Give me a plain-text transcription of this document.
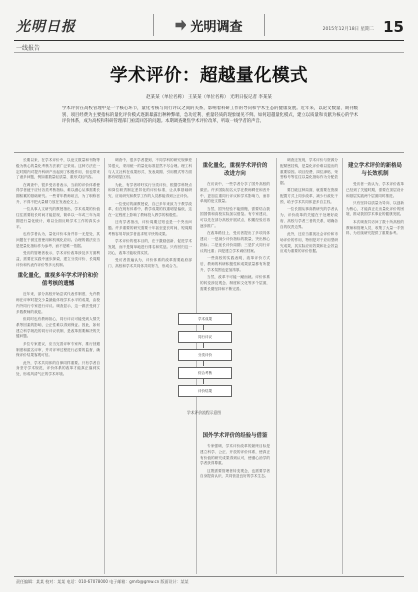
光明日报
一线报告
光明调查	2015年12月18日 星期二 15
学术评价：超越量化模式
赵某某（单位名称） 王某某（单位名称） 光明日报记者 李某某
学术评价在高校管理中是一个核心环节，量化考核与同行评议之间的关系，影响着科研工作的导向和学术生态的健康发展。近年来，以论文数量、期刊级别、项目经费为主要指标的量化评价模式逐渐暴露出种种弊端，急功近利、重量轻质的现象屡见不鲜。如何超越量化模式，建立以质量和贡献为核心的学术评价体系，成为高校和科研管理部门亟需回答的问题。本期调查聚焦学术评价改革，听取一线学者的声音。

长期以来，在学术评价中，以论文数量和刊物等级为核心的量化考核方法被广泛采用。这种方法在一定时期内对提升科研产出起到了积极作用，但也带来了诸多问题，例如重数量轻质量、重形式轻内容。

在调查中，很多受访者表示，当前的评价体系使得学者疲于应付各类考核指标，难以潜心从事需要长期积累的基础研究。一些青年教师坦言，为了职称晋升，不得不把大量精力放在发表论文上。

一位从事人文研究的教授指出，学术成果的价值往往需要较长时间才能显现，简单以一年或三年为周期进行量化统计，难以全面反映学术工作的真实水平。

也有学者认为，量化评价本身并非一无是处，其问题在于被过度使用和机械化应用。合理的做法应当是把量化指标作为参考，而不是唯一依据。

受访的管理者表示，学术评价改革涉及多方面利益，需要在实践中逐步探索，建立分类评价、长周期评价和代表作评价等多元机制。

重化量化，重视多年学术评价和价值考核的遗憾

近年来，部分高校开始尝试代表作制度，允许教师在评审时提交少量最能体现学术水平的成果，由校内外同行专家进行评议。调查显示，这一做法受到了多数教师的欢迎。

但同时也有教师担心，同行评议可能受到人情关系等因素的影响，公正性难以得到保证。因此，如何建立科学规范的同行评议机制，是改革需要解决的关键问题。

多位专家建议，应当完善评审专家库，推行回避制度和匿名评审，并对评审过程进行必要的监督，确保评价结果客观可信。

此外，学术共同体的自律同样重要。只有学者自身坚守学术规范，评价体系的改革才能真正落到实处，形成风清气正的学术环境。

调查中，很多学者提到，不同学科的研究规律差异很大，采用统一的量化标准显然不尽合理。理工科与人文社科在成果形式、发表周期、引用模式等方面都有明显区别。

为此，有学者呼吁实行分类评价，根据学科特点和岗位职责制定差异化的评价标准，让从事基础研究、应用研究和教学工作的人员都能得到公正评价。

一位受访的副教授说，自己多年来致力于教学改革，但在现有体系中，教学成果的权重明显偏低，这在一定程度上影响了教师投入教学的积极性。

还有学者指出，评价周期过短也是一个突出问题。许多重要的研究需要十年甚至更长时间，短周期考核容易导致学者追求短平快的成果。

学术评价的根本目的，在于激励创新、促进学术发展，而不是简单地进行排名和奖惩。只有回归这一初心，改革才能取得实效。

受访者普遍认为，评价体系的改革需要政府部门、高校和学术共同体共同努力，形成合力。

重化量化，重视学术评价的改进方向

在访谈中，一些学者分享了国外高校的做法。许多国际知名大学在教师聘任和晋升中，更加注重同行评议和学术影响力，而非单纯的论文数量。

当然，国外经验不能照搬，需要结合我国国情和高校实际加以借鉴。有专家建议，可以先在部分高校开展试点，积累经验后再逐步推广。

在改革路径上，受访者提出了多项具体建议：一是减少评价指标的数量，突出核心指标；二是延长评价周期；三是扩大同行评议的比重；四是建立学术诚信档案。

一些高校的实践表明，改革评价方式后，教师的科研积极性和成果质量都有所提升，学术氛围也更加浓厚。

当然，改革不可能一蹴而就。评价体系的转变涉及观念、制度和文化等多个层面，需要长期坚持和不断完善。

学术成果
同行评议
分类评价
综合考核
评价结果
学术评价流程示意图
国外学术评价的经验与借鉴

专家强调，学术评价改革的最终目标是建立科学、公正、开放的评价体系，使真正有价值的研究成果得到认可，使潜心治学的学者获得尊重。

这既需要管理者转变观念，也需要学者自身提高认识，共同营造良好的学术生态。

调查还发现，学术评价与资源分配紧密挂钩，是量化评价难以退出的重要原因。项目经费、岗位津贴、荣誉称号等往往以量化指标作为分配依据。

要打破这种局面，就需要在资源配置方式上同步改革，减少行政化干预，给予学术共同体更多自主权。

一位长期从事高教研究的学者认为，评价改革的关键在于处理好政府、高校与学者三者的关系，明确各自的权责边界。

此外，还应当重视社会评价和市场评价的作用，特别是对于应用型研究成果，其实际应用效果和社会效益应成为重要的评价依据。

建立学术评价的新格局与长效机制

受访者一致认为，学术评价改革已经到了关键时期，需要在顶层设计和基层实践两个层面同时推进。

只有坚持以质量为导向、以创新为核心，才能真正走出量化评价的困境，推动我国学术事业的健康发展。

本次调查共访问了数十所高校的教师和管理人员，收集了大量一手资料，为后续研究提供了重要参考。

责任编辑：某某 校对：某某 电话：010-67078000 电子邮箱：gmrb@gmw.cn 版面设计：某某
